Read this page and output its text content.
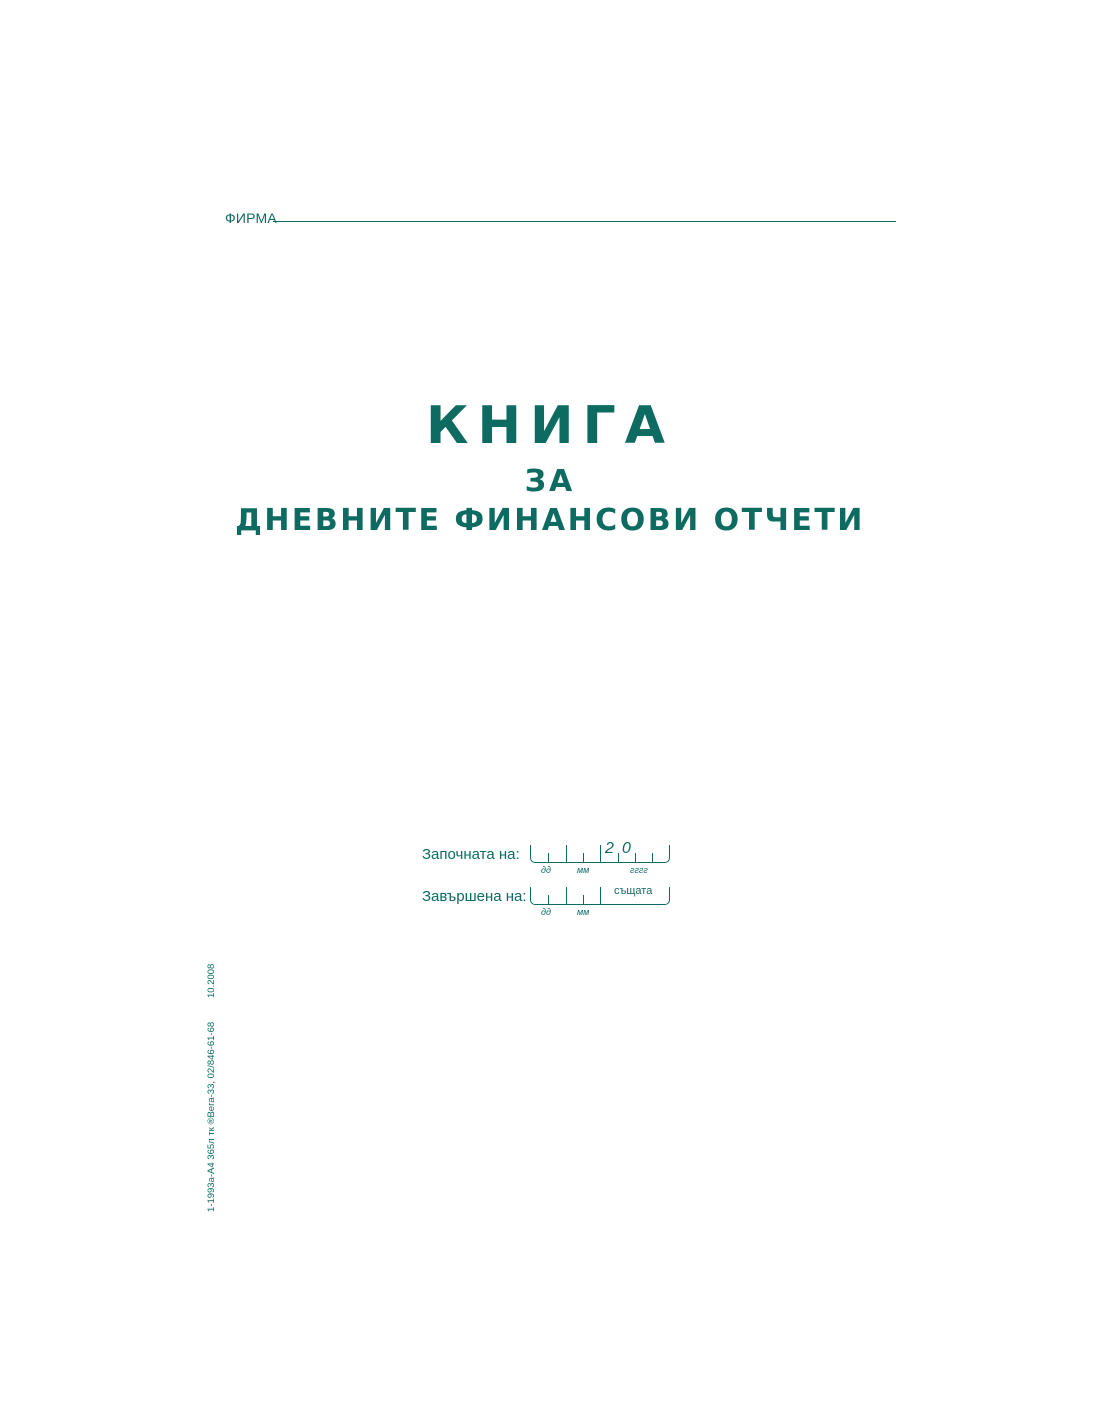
ФИРМА
КНИГА
ЗА
ДНЕВНИТЕ ФИНАНСОВИ ОТЧЕТИ
Започната на:	2 0
дд	мм	гггг
Завършена на:	същата
дд	мм
1-1993а-А4 365л тк ®Вега-33, 02/846-61-68
10.2008
